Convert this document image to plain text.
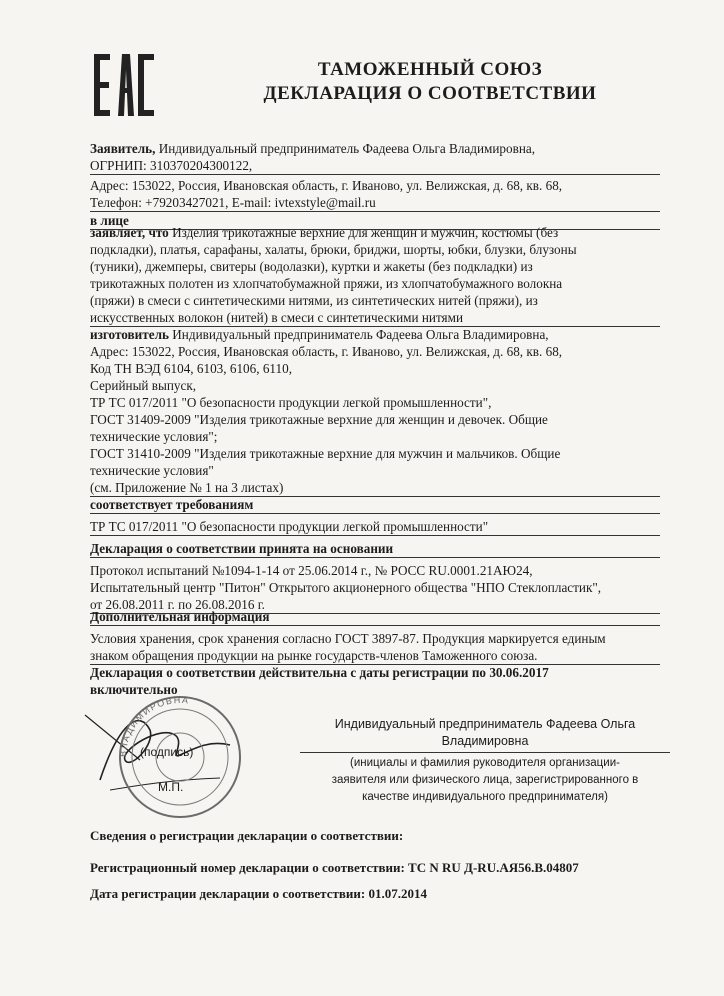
ТАМОЖЕННЫЙ СОЮЗ
ДЕКЛАРАЦИЯ О СООТВЕТСТВИИ
Заявитель, Индивидуальный предприниматель Фадеева Ольга Владимировна,
ОГРНИП: 310370204300122,
Адрес: 153022, Россия, Ивановская область, г. Иваново, ул. Велижская, д. 68, кв. 68,
Телефон: +79203427021, E-mail: ivtexstyle@mail.ru
в лице
заявляет, что Изделия трикотажные верхние для женщин и мужчин, костюмы (без
подкладки), платья, сарафаны, халаты, брюки, бриджи, шорты, юбки, блузки, блузоны
(туники), джемперы, свитеры (водолазки), куртки и жакеты (без подкладки) из
трикотажных полотен из хлопчатобумажной пряжи, из хлопчатобумажного волокна
(пряжи) в смеси с синтетическими нитями, из синтетических нитей (пряжи), из
искусственных волокон (нитей) в смеси с синтетическими нитями
изготовитель Индивидуальный предприниматель Фадеева Ольга Владимировна,
Адрес: 153022, Россия, Ивановская область, г. Иваново, ул. Велижская, д. 68, кв. 68,
Код ТН ВЭД 6104, 6103, 6106, 6110,
Серийный выпуск,
ТР ТС 017/2011 "О безопасности продукции легкой промышленности",
ГОСТ 31409-2009 "Изделия трикотажные верхние для женщин и девочек. Общие
технические условия";
ГОСТ 31410-2009 "Изделия трикотажные верхние для мужчин и мальчиков. Общие
технические условия"
(см. Приложение № 1 на 3 листах)
соответствует требованиям
ТР ТС 017/2011 "О безопасности продукции легкой промышленности"
Декларация о соответствии принята на основании
Протокол испытаний №1094-1-14 от 25.06.2014 г., № РОСС RU.0001.21АЮ24,
Испытательный центр "Питон" Открытого акционерного общества "НПО Стеклопластик",
от 26.08.2011 г. по 26.08.2016 г.
Дополнительная информация
Условия хранения, срок хранения согласно ГОСТ 3897-87. Продукция маркируется единым
знаком обращения продукции на рынке государств-членов Таможенного союза.
Декларация о соответствии действительна с даты регистрации по 30.06.2017
включительно
ВЛАДИМИРОВНА
(подпись)
М.П.
Индивидуальный предприниматель Фадеева Ольга
Владимировна
(инициалы и фамилия руководителя организации-
заявителя или физического лица, зарегистрированного в
качестве индивидуального предпринимателя)
Сведения о регистрации декларации о соответствии:
Регистрационный номер декларации о соответствии: ТС N RU Д-RU.АЯ56.В.04807
Дата регистрации декларации о соответствии: 01.07.2014
